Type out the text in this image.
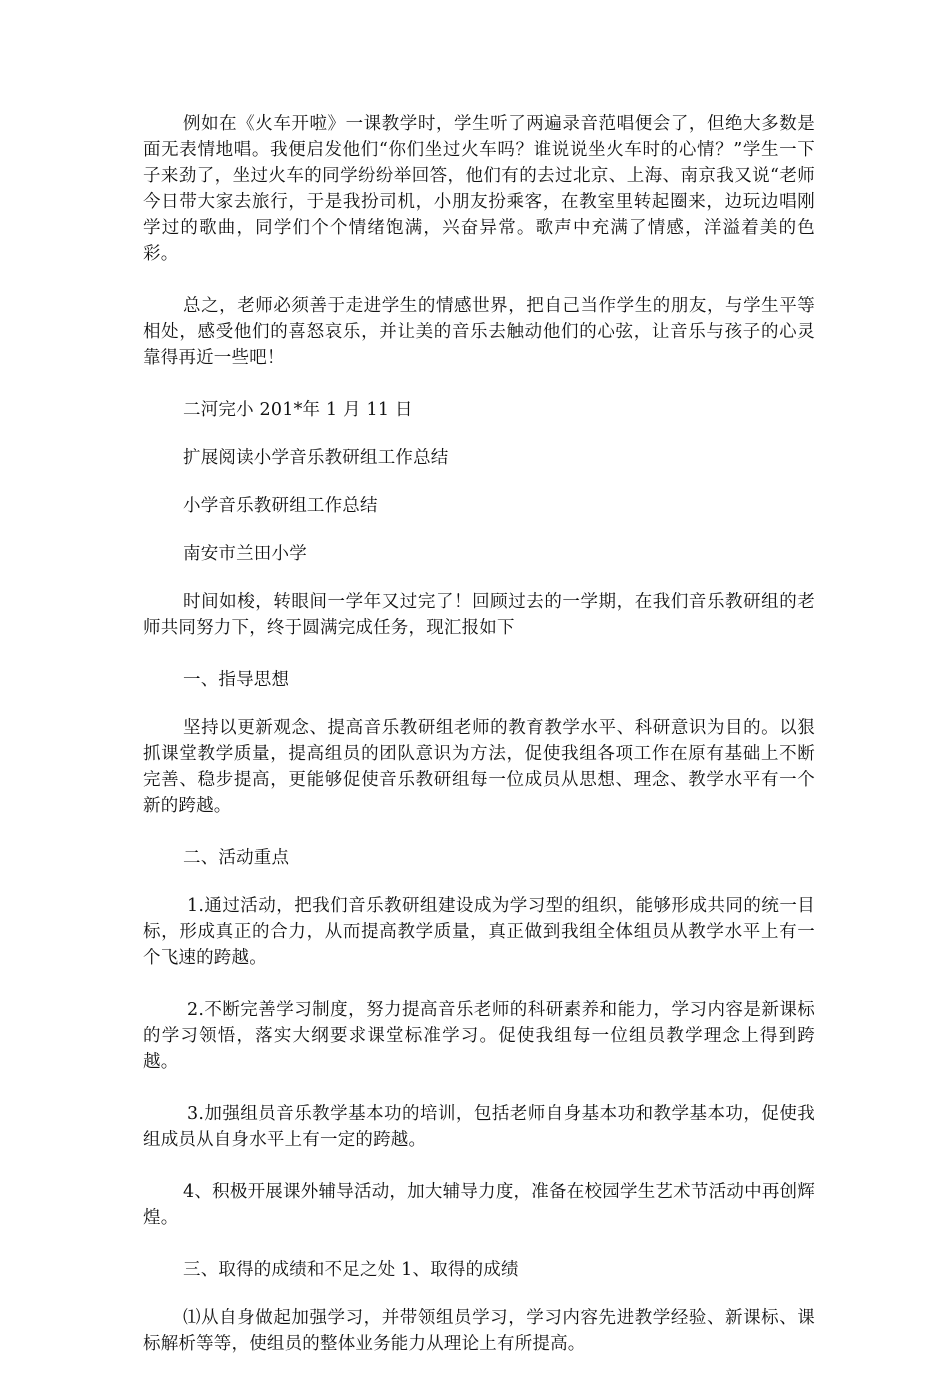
例如在《火车开啦》一课教学时，学生听了两遍录音范唱便会了，但绝大多数是面无表情地唱。我便启发他们“你们坐过火车吗？谁说说坐火车时的心情？”学生一下子来劲了，坐过火车的同学纷纷举回答，他们有的去过北京、上海、南京我又说“老师今日带大家去旅行，于是我扮司机，小朋友扮乘客，在教室里转起圈来，边玩边唱刚学过的歌曲，同学们个个情绪饱满，兴奋异常。歌声中充满了情感，洋溢着美的色彩。

总之，老师必须善于走进学生的情感世界，把自己当作学生的朋友，与学生平等相处，感受他们的喜怒哀乐，并让美的音乐去触动他们的心弦，让音乐与孩子的心灵靠得再近一些吧！

二河完小 201*年 1 月 11 日

扩展阅读小学音乐教研组工作总结

小学音乐教研组工作总结

南安市兰田小学

时间如梭，转眼间一学年又过完了！回顾过去的一学期，在我们音乐教研组的老师共同努力下，终于圆满完成任务，现汇报如下

一、指导思想

坚持以更新观念、提高音乐教研组老师的教育教学水平、科研意识为目的。以狠抓课堂教学质量，提高组员的团队意识为方法，促使我组各项工作在原有基础上不断完善、稳步提高，更能够促使音乐教研组每一位成员从思想、理念、教学水平有一个新的跨越。

二、活动重点

1.通过活动，把我们音乐教研组建设成为学习型的组织，能够形成共同的统一目标，形成真正的合力，从而提高教学质量，真正做到我组全体组员从教学水平上有一个飞速的跨越。

2.不断完善学习制度，努力提高音乐老师的科研素养和能力，学习内容是新课标的学习领悟，落实大纲要求课堂标准学习。促使我组每一位组员教学理念上得到跨越。

3.加强组员音乐教学基本功的培训，包括老师自身基本功和教学基本功，促使我组成员从自身水平上有一定的跨越。

4、积极开展课外辅导活动，加大辅导力度，准备在校园学生艺术节活动中再创辉煌。

三、取得的成绩和不足之处 1、取得的成绩

⑴从自身做起加强学习，并带领组员学习，学习内容先进教学经验、新课标、课标解析等等，使组员的整体业务能力从理论上有所提高。
